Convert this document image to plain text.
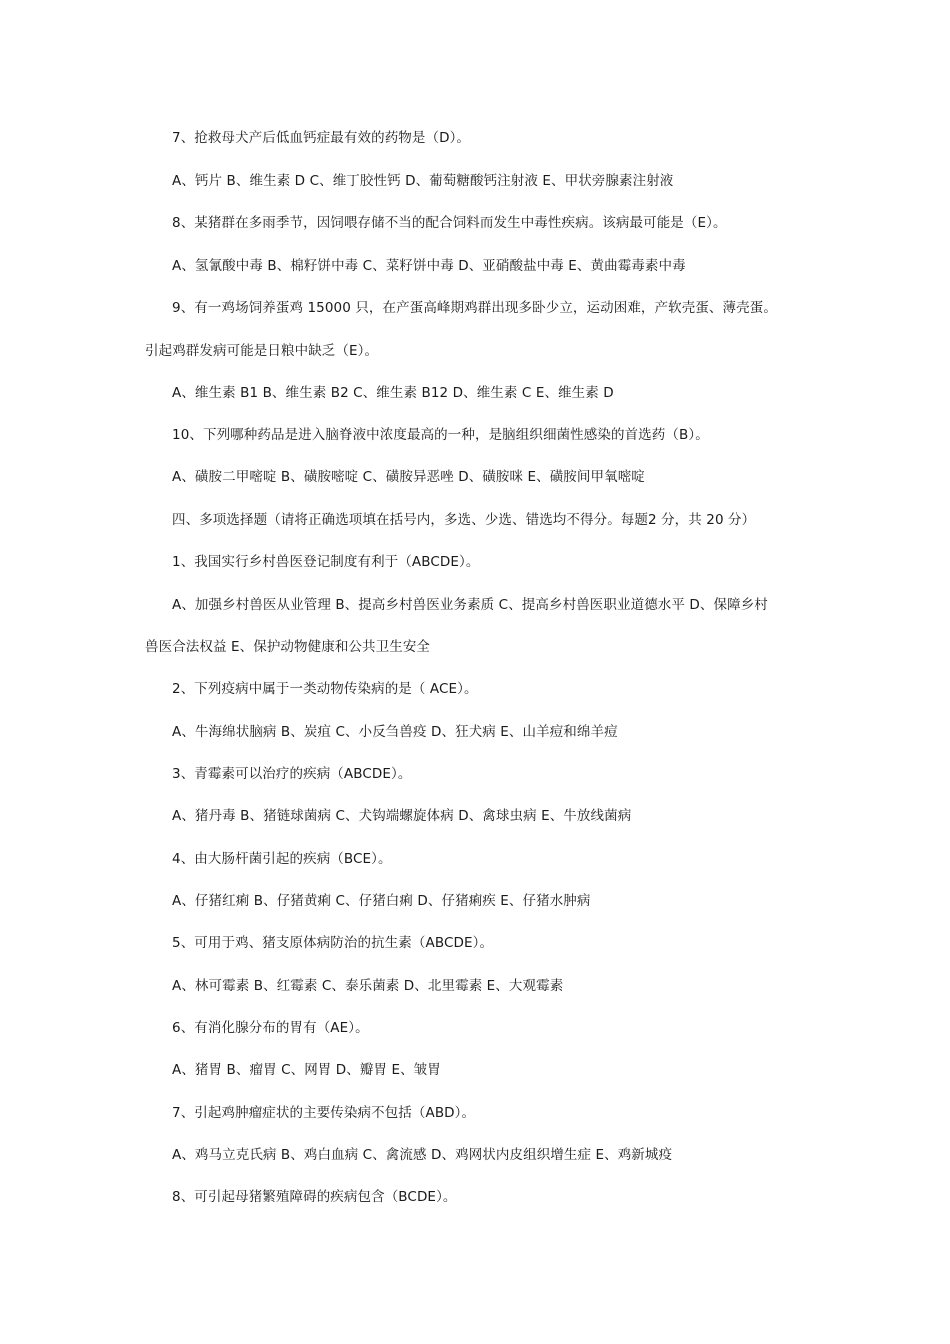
7、抢救母犬产后低血钙症最有效的药物是（D）。
A、钙片 B、维生素 D C、维丁胶性钙 D、葡萄糖酸钙注射液 E、甲状旁腺素注射液
8、某猪群在多雨季节，因饲喂存储不当的配合饲料而发生中毒性疾病。该病最可能是（E）。
A、氢氰酸中毒 B、棉籽饼中毒 C、菜籽饼中毒 D、亚硝酸盐中毒 E、黄曲霉毒素中毒
9、有一鸡场饲养蛋鸡 15000 只，在产蛋高峰期鸡群出现多卧少立，运动困难，产软壳蛋、薄壳蛋。
引起鸡群发病可能是日粮中缺乏（E）。
A、维生素 B1 B、维生素 B2 C、维生素 B12 D、维生素 C E、维生素 D
10、下列哪种药品是进入脑脊液中浓度最高的一种，是脑组织细菌性感染的首选药（B）。
A、磺胺二甲嘧啶 B、磺胺嘧啶 C、磺胺异恶唑 D、磺胺咪 E、磺胺间甲氧嘧啶
四、多项选择题（请将正确选项填在括号内，多选、少选、错选均不得分。每题2 分，共 20 分）
1、我国实行乡村兽医登记制度有利于（ABCDE）。
A、加强乡村兽医从业管理 B、提高乡村兽医业务素质 C、提高乡村兽医职业道德水平 D、保障乡村
兽医合法权益 E、保护动物健康和公共卫生安全
2、下列疫病中属于一类动物传染病的是（ ACE）。
A、牛海绵状脑病 B、炭疽 C、小反刍兽疫 D、狂犬病 E、山羊痘和绵羊痘
3、青霉素可以治疗的疾病（ABCDE）。
A、猪丹毒 B、猪链球菌病 C、犬钩端螺旋体病 D、禽球虫病 E、牛放线菌病
4、由大肠杆菌引起的疾病（BCE）。
A、仔猪红痢 B、仔猪黄痢 C、仔猪白痢 D、仔猪痢疾 E、仔猪水肿病
5、可用于鸡、猪支原体病防治的抗生素（ABCDE）。
A、林可霉素 B、红霉素 C、泰乐菌素 D、北里霉素 E、大观霉素
6、有消化腺分布的胃有（AE）。
A、猪胃 B、瘤胃 C、网胃 D、瓣胃 E、皱胃
7、引起鸡肿瘤症状的主要传染病不包括（ABD）。
A、鸡马立克氏病 B、鸡白血病 C、禽流感 D、鸡网状内皮组织增生症 E、鸡新城疫
8、可引起母猪繁殖障碍的疾病包含（BCDE）。
